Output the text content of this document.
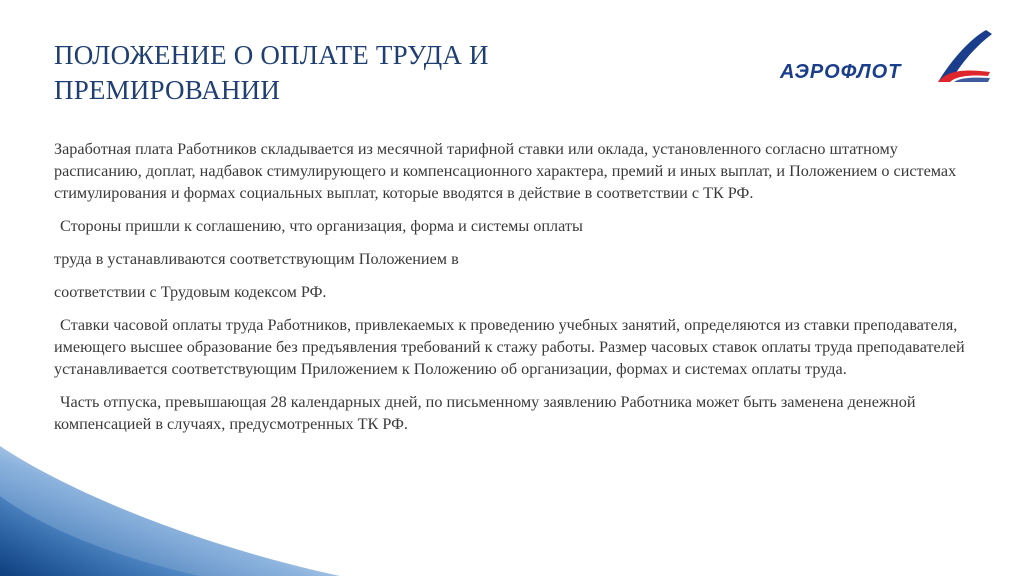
ПОЛОЖЕНИЕ О ОПЛАТЕ ТРУДА И
ПРЕМИРОВАНИИ
АЭРОФЛОТ

Заработная плата Работников складывается из месячной тарифной ставки или оклада, установленного согласно штатному расписанию, доплат, надбавок стимулирующего и компенсационного характера, премий и иных выплат, и Положением о системах стимулирования и формах социальных выплат, которые вводятся в действие в соответствии с ТК РФ.

Стороны пришли к соглашению, что организация, форма и системы оплаты

труда в устанавливаются соответствующим Положением в

соответствии с Трудовым кодексом РФ.

Ставки часовой оплаты труда Работников, привлекаемых к проведению учебных занятий, определяются из ставки преподавателя, имеющего высшее образование без предъявления требований к стажу работы. Размер часовых ставок оплаты труда преподавателей устанавливается соответствующим Приложением к Положению об организации, формах и системах оплаты труда.

Часть отпуска, превышающая 28 календарных дней, по письменному заявлению Работника может быть заменена денежной компенсацией в случаях, предусмотренных ТК РФ.
